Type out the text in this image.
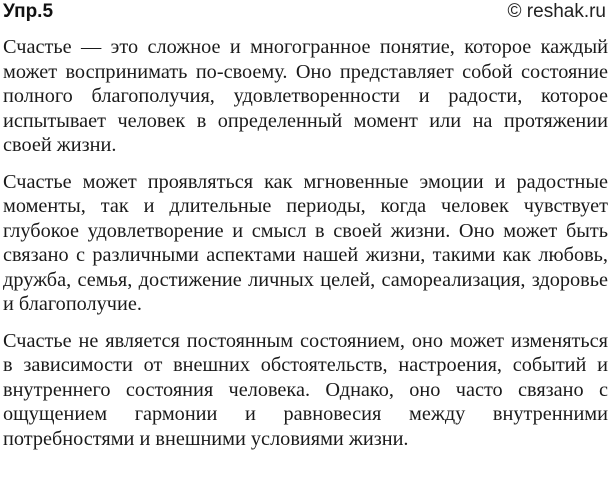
Упр.5	© reshak.ru

Счастье — это сложное и многогранное понятие, которое каждый может воспринимать по-своему. Оно представляет собой состояние полного благополучия, удовлетворенности и радости, которое испытывает человек в определенный момент или на протяжении своей жизни.

Счастье может проявляться как мгновенные эмоции и радостные моменты, так и длительные периоды, когда человек чувствует глубокое удовлетворение и смысл в своей жизни. Оно может быть связано с различными аспектами нашей жизни, такими как любовь, дружба, семья, достижение личных целей, самореализация, здоровье и благополучие.

Счастье не является постоянным состоянием, оно может изменяться в зависимости от внешних обстоятельств, настроения, событий и внутреннего состояния человека. Однако, оно часто связано с ощущением гармонии и равновесия между внутренними потребностями и внешними условиями жизни.
